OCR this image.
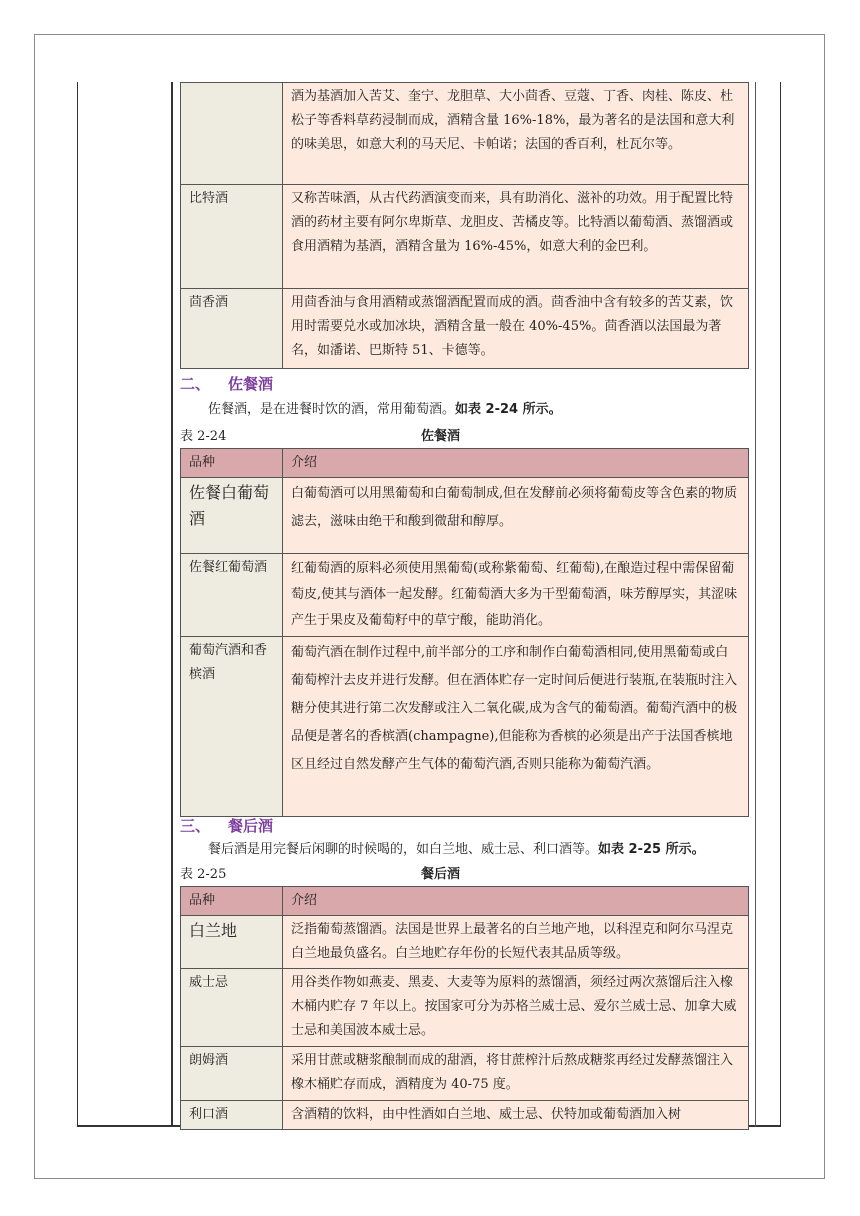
	酒为基酒加入苦艾、奎宁、龙胆草、大小茴香、豆蔻、丁香、肉桂、陈皮、杜松子等香料草药浸制而成，酒精含量 16%-18%，最为著名的是法国和意大利的味美思，如意大利的马天尼、卡帕诺；法国的香百利，杜瓦尔等。
比特酒	又称苦味酒，从古代药酒演变而来，具有助消化、滋补的功效。用于配置比特酒的药材主要有阿尔卑斯草、龙胆皮、苦橘皮等。比特酒以葡萄酒、蒸馏酒或食用酒精为基酒，酒精含量为 16%-45%，如意大利的金巴利。
茴香酒	用茴香油与食用酒精或蒸馏酒配置而成的酒。茴香油中含有较多的苦艾素，饮用时需要兑水或加冰块，酒精含量一般在 40%-45%。茴香酒以法国最为著名，如潘诺、巴斯特 51、卡德等。
二、 佐餐酒
佐餐酒，是在进餐时饮的酒，常用葡萄酒。如表 2-24 所示。
表 2-24	佐餐酒
品种	介绍
佐餐白葡萄酒	白葡萄酒可以用黑葡萄和白葡萄制成,但在发酵前必须将葡萄皮等含色素的物质滤去，滋味由绝干和酸到微甜和醇厚。
佐餐红葡萄酒	红葡萄酒的原料必须使用黑葡萄(或称紫葡萄、红葡萄),在酿造过程中需保留葡萄皮,使其与酒体一起发酵。红葡萄酒大多为干型葡萄酒，味芳醇厚实，其涩味产生于果皮及葡萄籽中的草宁酸，能助消化。
葡萄汽酒和香槟酒	葡萄汽酒在制作过程中,前半部分的工序和制作白葡萄酒相同,使用黑葡萄或白葡萄榨汁去皮并进行发酵。但在酒体贮存一定时间后便进行装瓶,在装瓶时注入糖分使其进行第二次发酵或注入二氧化碳,成为含气的葡萄酒。葡萄汽酒中的极品便是著名的香槟酒(champagne),但能称为香槟的必须是出产于法国香槟地区且经过自然发酵产生气体的葡萄汽酒,否则只能称为葡萄汽酒。
三、 餐后酒
餐后酒是用完餐后闲聊的时候喝的，如白兰地、威士忌、利口酒等。如表 2-25 所示。
表 2-25	餐后酒
品种	介绍
白兰地	泛指葡萄蒸馏酒。法国是世界上最著名的白兰地产地，以科涅克和阿尔马涅克白兰地最负盛名。白兰地贮存年份的长短代表其品质等级。
威士忌	用谷类作物如燕麦、黑麦、大麦等为原料的蒸馏酒，须经过两次蒸馏后注入橡木桶内贮存 7 年以上。按国家可分为苏格兰威士忌、爱尔兰威士忌、加拿大威士忌和美国波本威士忌。
朗姆酒	采用甘蔗或糖浆酿制而成的甜酒，将甘蔗榨汁后熬成糖浆再经过发酵蒸馏注入橡木桶贮存而成，酒精度为 40-75 度。
利口酒	含酒精的饮料，由中性酒如白兰地、威士忌、伏特加或葡萄酒加入树
